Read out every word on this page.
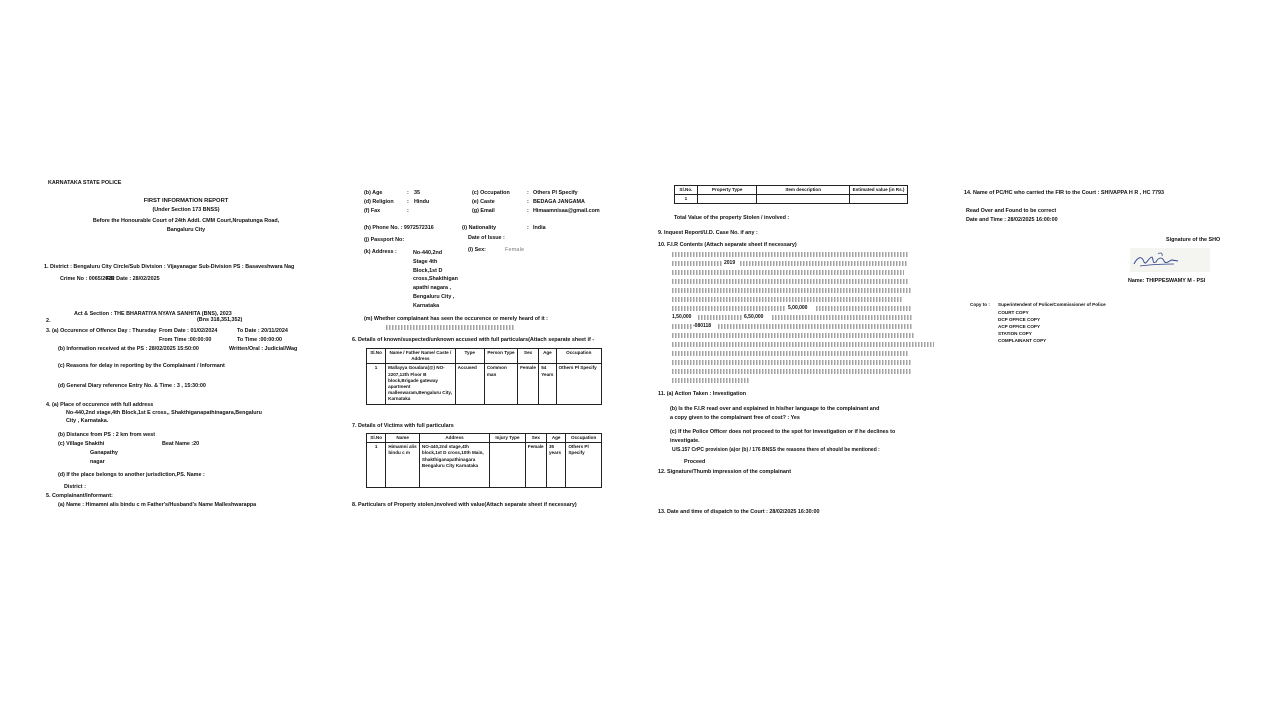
KARNATAKA STATE POLICE
FIRST INFORMATION REPORT
(Under Section 173 BNSS)
Before the Honourable Court of 24th Addl. CMM Court,Nrupatunga Road,
Bangaluru City
1. District : Bengaluru City Circle/Sub Division : Vijayanagar Sub-Division PS : Basaveshwara Nag
Crime No : 0065/2025
FIR Date : 28/02/2025
Act & Section : THE BHARATIYA NYAYA SANHITA (BNS), 2023
(Bns 318,351,352)
2.
3. (a) Occurence of Offence Day : Thursday From Date : 01/02/2024	To Date : 20/11/2024
From Time :00:00:00	To Time :00:00:00
(b) Information received at the PS : 28/02/2025 15:50:00	Written/Oral : Judicial/Wag
(c) Reasons for delay in reporting by the Complainant / Informant
(d) General Diary reference Entry No. & Time : 3 , 15:30:00
4. (a) Place of occurence with full address
No-440,2nd stage,4th Block,1st E cross,, Shakthiganapathinagara,Bengaluru
City , Karnataka.
(b) Distance from PS : 2 km from west
(c) Village Shakthi	Beat Name :20
Ganapathy
nagar
(d) If the place belongs to another jurisdiction,PS. Name :
District :
5. Complainant/Informant:
(a) Name : Himamni alis bindu c m Father's/Husband's Name Malleshwarappa
(b) Age	: 35
(d) Religion : Hindu
(f) Fax	:
(c) Occupation	: Others Pl Specify
(e) Caste	: BEDAGA JANGAMA
(g) Email	: Himaamnisaa@gmail.com
(h) Phone No. : 9972572316	(i) Nationality	: India
(j) Passport No:	Date of Issue :
(k) Address :	No-440,2nd
Stage 4th
Block,1st D
cross,Shakthigan
apathi nagara ,
Bengaluru City ,
Karnataka
(l) Sex:	Female
(m) Whether complainant has seen the occurence or merely heard of it :
6. Details of known/suspected/unknown accused with full particulars(Attach separate sheet if -
Sl.No	Name / Father Name/ Caste / Address	Type	Person Type	Sex	Age	Occupation
1	Mallayya Goudara(@) NO-2207,12th Floor B block,Brigade gateway apartment malleswaram,Bengaluru City, Karnataka	Accused	Common man	Female	54 Years	Others Pl Specify
7. Details of Victims with full particulars
Sl.No	Name	Address	Injury Type	Sex	Age	Occupation
1	Himamni alis bindu c m	NO-440,2nd stage,4th block,1st D cross,10th Main, Shakthiganapathinagara Bengaluru City Karnataka		Female	35 years	Others Pl Specify
8. Particulars of Property stolen,involved with value(Attach separate sheet if necessary)
Sl.No.	Property Type	Item description	Estimated value (in Rs.)
1			
Total Value of the property Stolen / involved :
9. Inquest Report/U.D. Case No. if any :
10. F.I.R Contents (Attach separate sheet if necessary)
2019
5,00,000
1,50,000	6,50,000
-080118
11. (a) Action Taken : Investigation
(b) Is the F.I.R read over and explained in his/her language to the complainant and
a copy given to the complainant free of cost? : Yes
(c) If the Police Officer does not proceed to the spot for investigation or if he declines to
investigate.
U/S.157 CrPC provision (a)or (b) / 176 BNSS the reasons there of should be mentioned :
Proceed
12. Signature/Thumb impression of the complainant
13. Date and time of dispatch to the Court : 28/02/2025 16:30:00
14. Name of PC/HC who carried the FIR to the Court : SHIVAPPA H R , HC 7793
Read Over and Found to be correct
Date and Time : 28/02/2025 16:00:00
Signature of the SHO
Name: THIPPESWAMY M - PSI
Copy to : Superintendent of Police/Commissioner of Police
COURT COPY
DCP OFFICE COPY
ACP OFFICE COPY
STATION COPY
COMPLAINANT COPY
